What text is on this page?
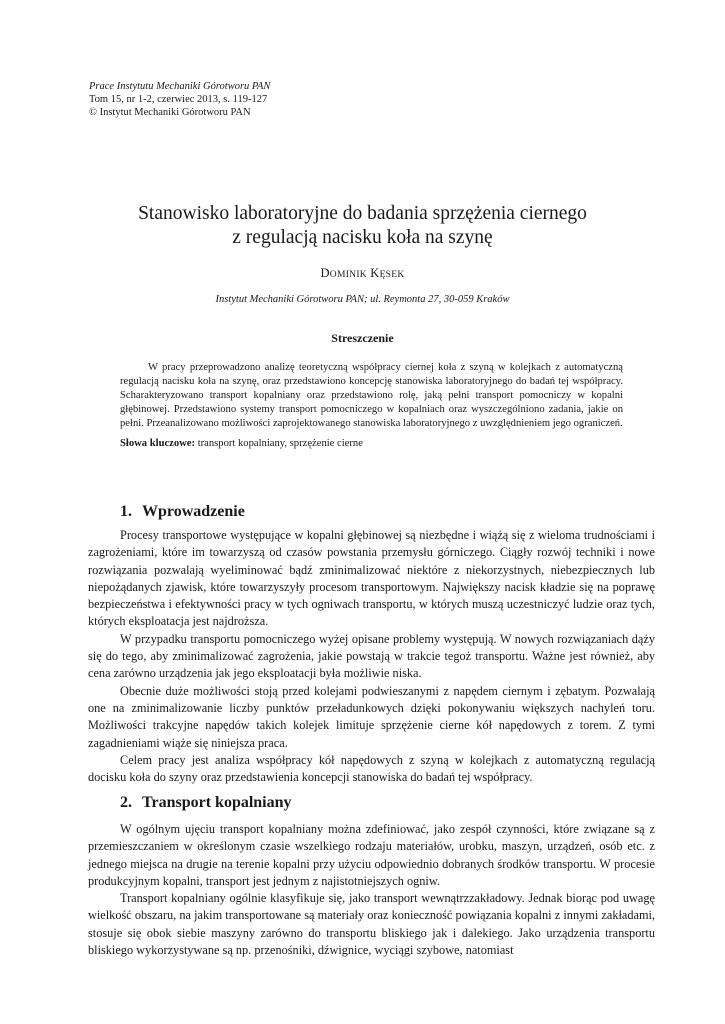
Prace Instytutu Mechaniki Górotworu PAN
Tom 15, nr 1-2, czerwiec 2013, s. 119-127
© Instytut Mechaniki Górotworu PAN
Stanowisko laboratoryjne do badania sprzężenia ciernego
z regulacją nacisku koła na szynę
DOMINIK KĘSEK
Instytut Mechaniki Górotworu PAN; ul. Reymonta 27, 30-059 Kraków
Streszczenie

W pracy przeprowadzono analizę teoretyczną współpracy ciernej koła z szyną w kolejkach z automatyczną regulacją nacisku koła na szynę, oraz przedstawiono koncepcję stanowiska laboratoryjnego do badań tej współpracy. Scharakteryzowano transport kopalniany oraz przedstawiono rolę, jaką pełni transport pomocniczy w kopalni głębinowej. Przedstawiono systemy transport pomocniczego w kopalniach oraz wyszczególniono zadania, jakie on pełni. Przeanalizowano możliwości zaprojektowanego stanowiska laboratoryjnego z uwzględnieniem jego ograniczeń.

Słowa kluczowe: transport kopalniany, sprzężenie cierne
1. Wprowadzenie

Procesy transportowe występujące w kopalni głębinowej są niezbędne i wiążą się z wieloma trudnościami i zagrożeniami, które im towarzyszą od czasów powstania przemysłu górniczego. Ciągły rozwój techniki i nowe rozwiązania pozwalają wyeliminować bądź zminimalizować niektóre z niekorzystnych, niebezpiecznych lub niepożądanych zjawisk, które towarzyszyły procesom transportowym. Największy nacisk kładzie się na poprawę bezpieczeństwa i efektywności pracy w tych ogniwach transportu, w których muszą uczestniczyć ludzie oraz tych, których eksploatacja jest najdroższa.

W przypadku transportu pomocniczego wyżej opisane problemy występują. W nowych rozwiązaniach dąży się do tego, aby zminimalizować zagrożenia, jakie powstają w trakcie tegoż transportu. Ważne jest również, aby cena zarówno urządzenia jak jego eksploatacji była możliwie niska.

Obecnie duże możliwości stoją przed kolejami podwieszanymi z napędem ciernym i zębatym. Pozwalają one na zminimalizowanie liczby punktów przeładunkowych dzięki pokonywaniu większych nachyleń toru. Możliwości trakcyjne napędów takich kolejek limituje sprzężenie cierne kół napędowych z torem. Z tymi zagadnieniami wiąże się niniejsza praca.

Celem pracy jest analiza współpracy kół napędowych z szyną w kolejkach z automatyczną regulacją docisku koła do szyny oraz przedstawienia koncepcji stanowiska do badań tej współpracy.

2. Transport kopalniany

W ogólnym ujęciu transport kopalniany można zdefiniować, jako zespół czynności, które związane są z przemieszczaniem w określonym czasie wszelkiego rodzaju materiałów, urobku, maszyn, urządzeń, osób etc. z jednego miejsca na drugie na terenie kopalni przy użyciu odpowiednio dobranych środków transportu. W procesie produkcyjnym kopalni, transport jest jednym z najistotniejszych ogniw.

Transport kopalniany ogólnie klasyfikuje się, jako transport wewnątrzzakładowy. Jednak biorąc pod uwagę wielkość obszaru, na jakim transportowane są materiały oraz konieczność powiązania kopalni z innymi zakładami, stosuje się obok siebie maszyny zarówno do transportu bliskiego jak i dalekiego. Jako urządzenia transportu bliskiego wykorzystywane są np. przenośniki, dźwignice, wyciągi szybowe, natomiast
